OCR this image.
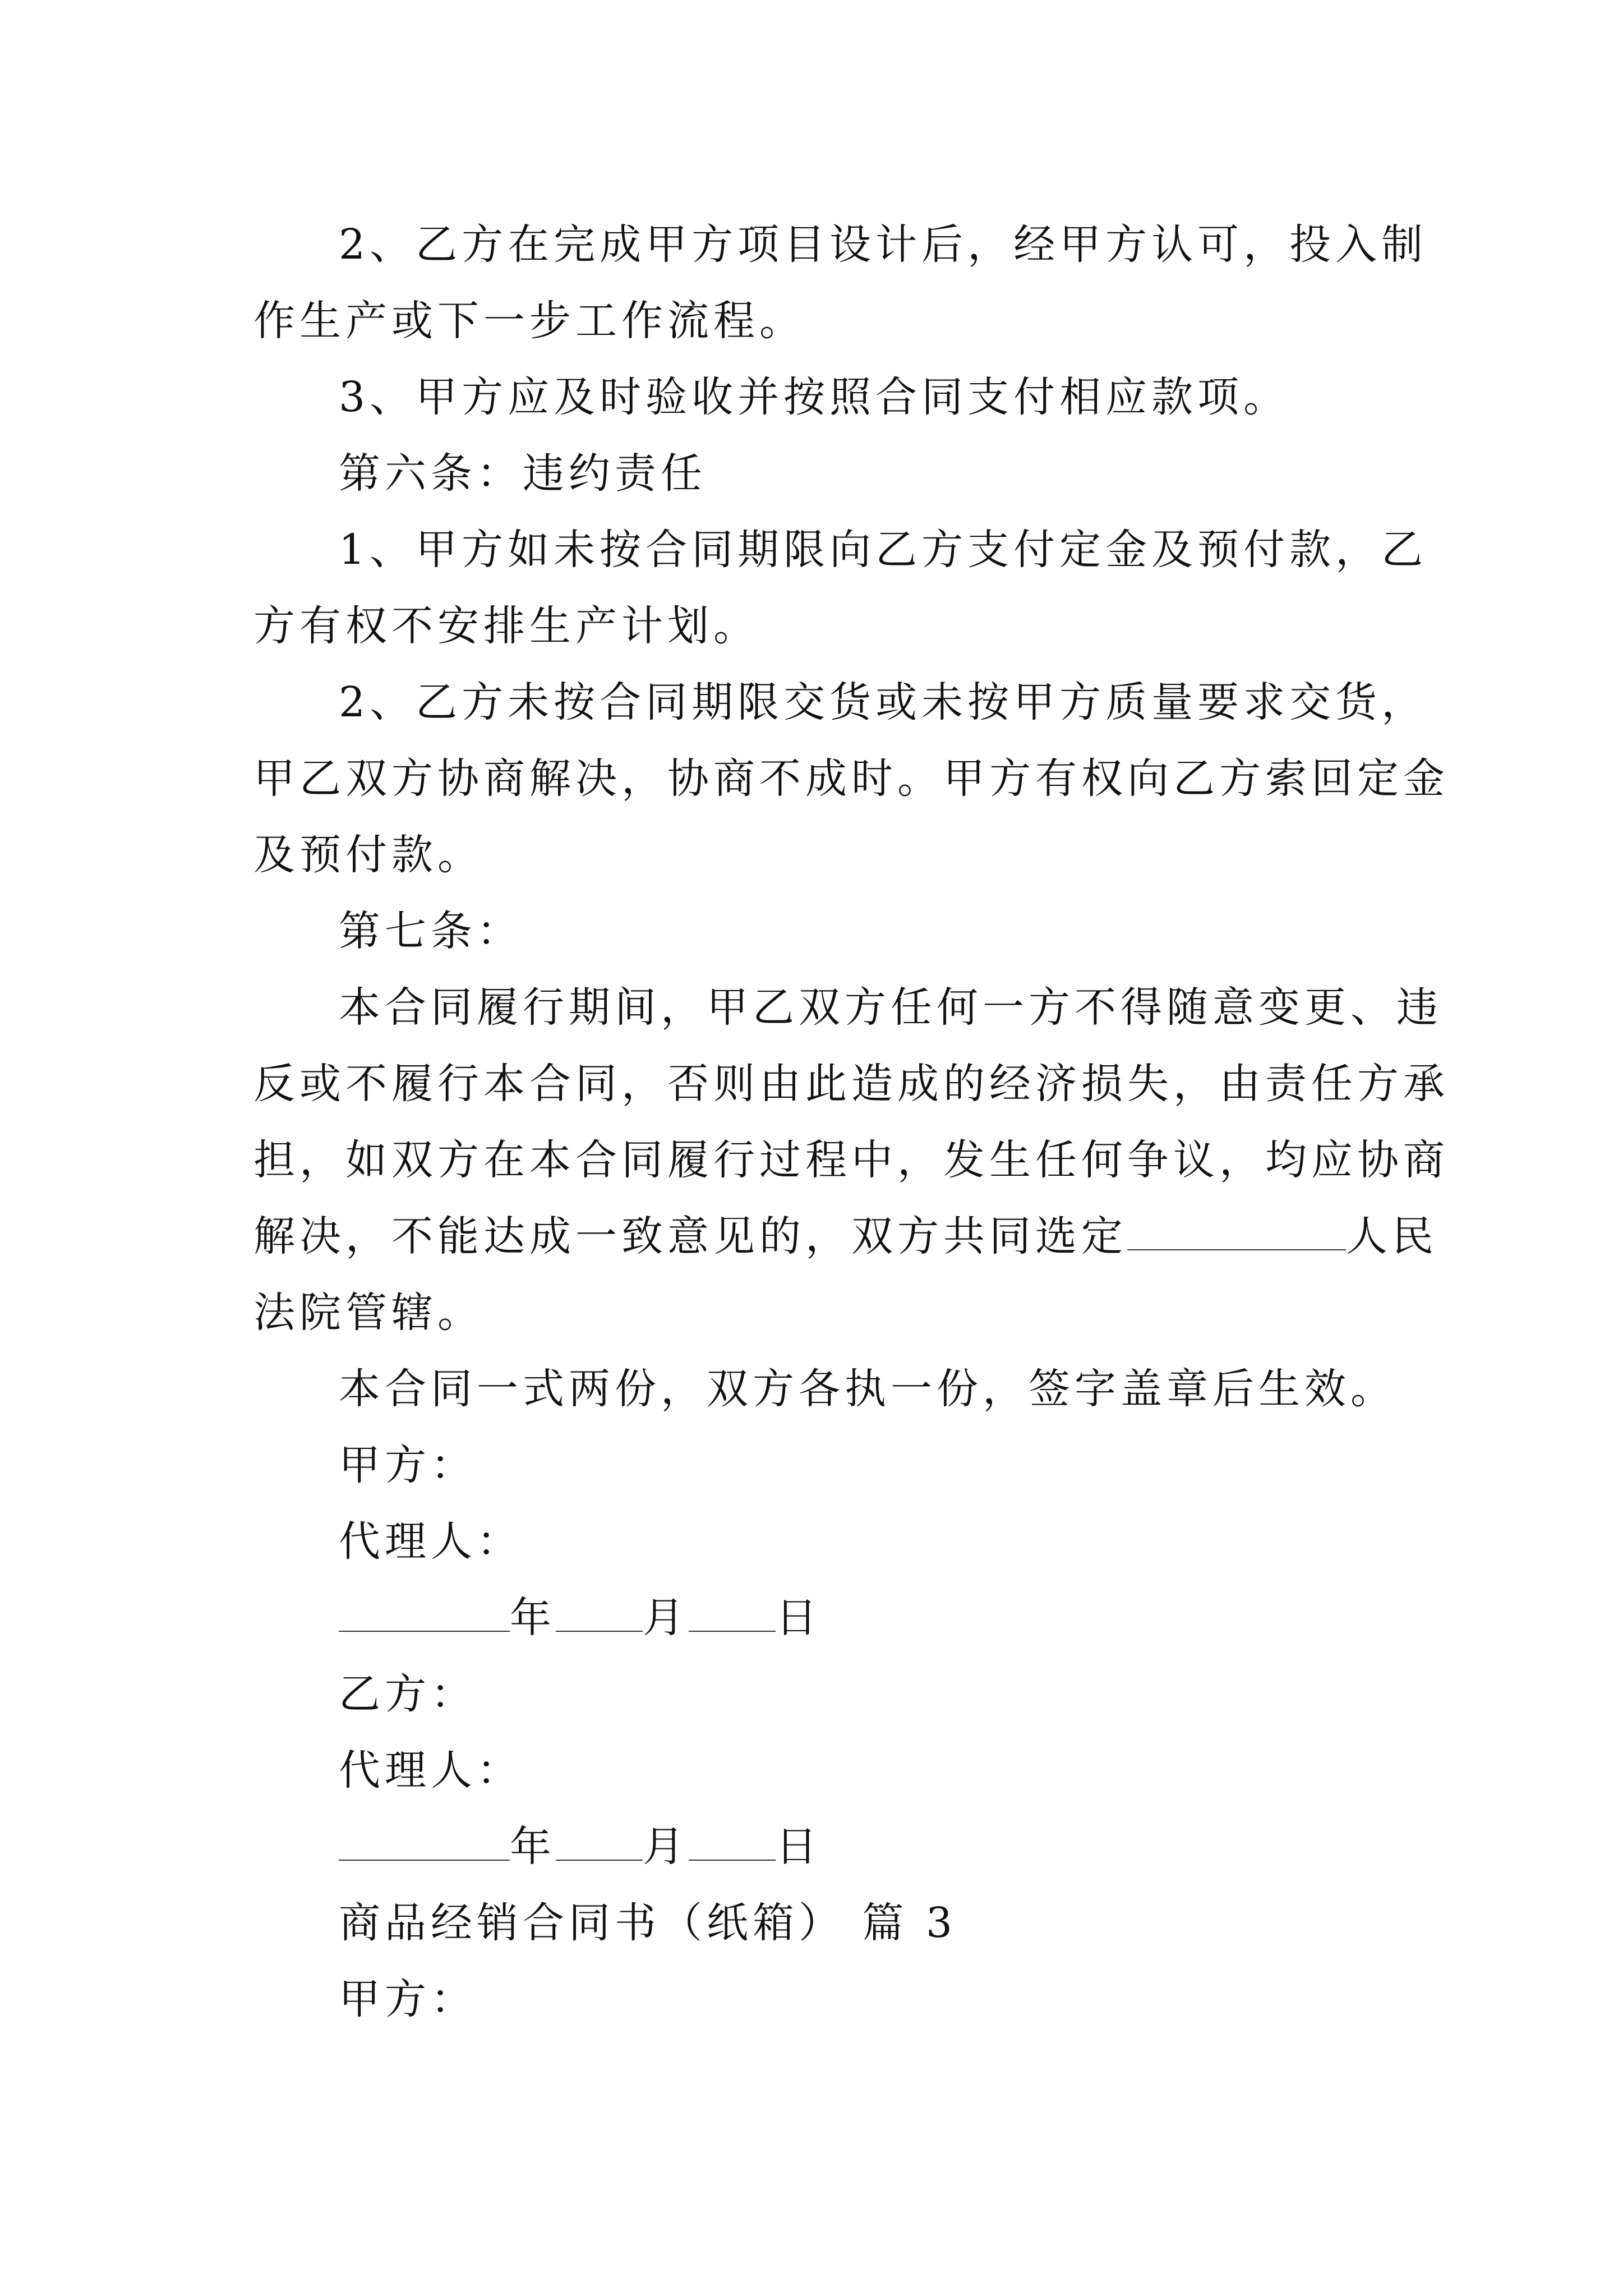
2、乙方在完成甲方项目设计后，经甲方认可，投入制
作生产或下一步工作流程。
3、甲方应及时验收并按照合同支付相应款项。
第六条：违约责任
1、甲方如未按合同期限向乙方支付定金及预付款，乙
方有权不安排生产计划。
2、乙方未按合同期限交货或未按甲方质量要求交货，
甲乙双方协商解决，协商不成时。甲方有权向乙方索回定金
及预付款。
第七条：
本合同履行期间，甲乙双方任何一方不得随意变更、违
反或不履行本合同，否则由此造成的经济损失，由责任方承
担，如双方在本合同履行过程中，发生任何争议，均应协商
解决，不能达成一致意见的，双方共同选定	人民
法院管辖。
本合同一式两份，双方各执一份，签字盖章后生效。
甲方：
代理人：
年 月 日
乙方：
代理人：
年 月 日
商品经销合同书（纸箱） 篇 3
甲方：
